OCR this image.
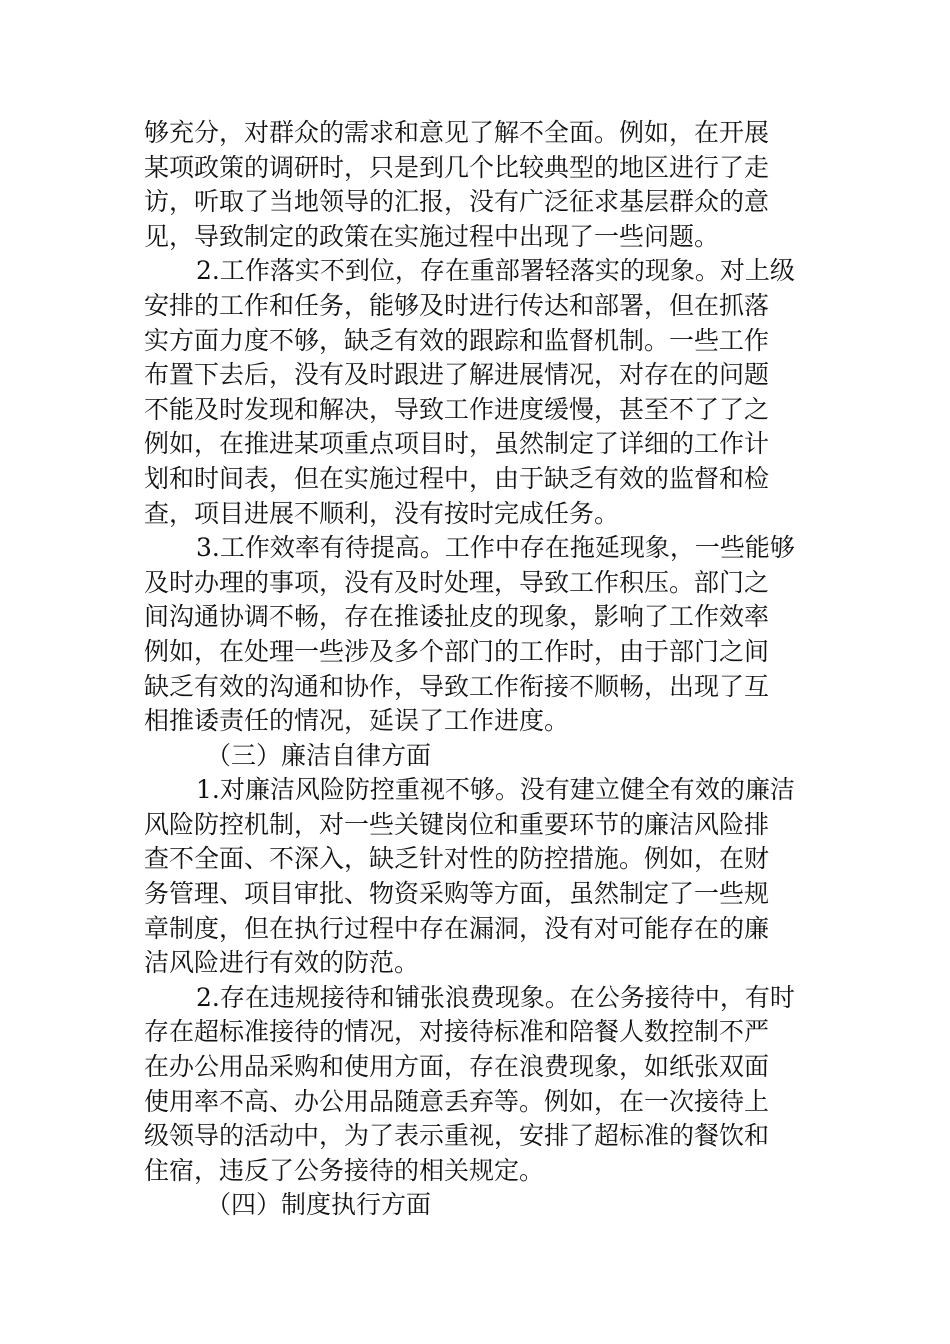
够充分，对群众的需求和意见了解不全面。例如，在开展
某项政策的调研时，只是到几个比较典型的地区进行了走
访，听取了当地领导的汇报，没有广泛征求基层群众的意
见，导致制定的政策在实施过程中出现了一些问题。
2.工作落实不到位，存在重部署轻落实的现象。对上级
安排的工作和任务，能够及时进行传达和部署，但在抓落
实方面力度不够，缺乏有效的跟踪和监督机制。一些工作
布置下去后，没有及时跟进了解进展情况，对存在的问题
不能及时发现和解决，导致工作进度缓慢，甚至不了了之
例如，在推进某项重点项目时，虽然制定了详细的工作计
划和时间表，但在实施过程中，由于缺乏有效的监督和检
查，项目进展不顺利，没有按时完成任务。
3.工作效率有待提高。工作中存在拖延现象，一些能够
及时办理的事项，没有及时处理，导致工作积压。部门之
间沟通协调不畅，存在推诿扯皮的现象，影响了工作效率
例如，在处理一些涉及多个部门的工作时，由于部门之间
缺乏有效的沟通和协作，导致工作衔接不顺畅，出现了互
相推诿责任的情况，延误了工作进度。
（三）廉洁自律方面
1.对廉洁风险防控重视不够。没有建立健全有效的廉洁
风险防控机制，对一些关键岗位和重要环节的廉洁风险排
查不全面、不深入，缺乏针对性的防控措施。例如，在财
务管理、项目审批、物资采购等方面，虽然制定了一些规
章制度，但在执行过程中存在漏洞，没有对可能存在的廉
洁风险进行有效的防范。
2.存在违规接待和铺张浪费现象。在公务接待中，有时
存在超标准接待的情况，对接待标准和陪餐人数控制不严
在办公用品采购和使用方面，存在浪费现象，如纸张双面
使用率不高、办公用品随意丢弃等。例如，在一次接待上
级领导的活动中，为了表示重视，安排了超标准的餐饮和
住宿，违反了公务接待的相关规定。
（四）制度执行方面
